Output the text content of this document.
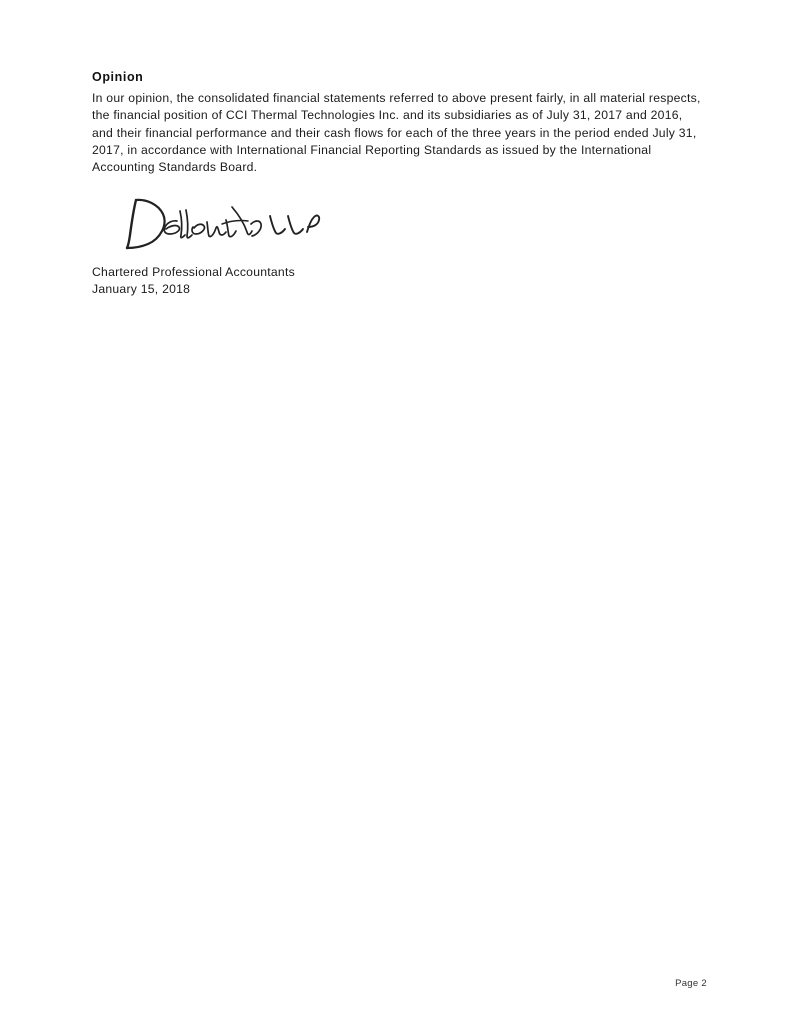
Opinion

In our opinion, the consolidated financial statements referred to above present fairly, in all material respects, the financial position of CCI Thermal Technologies Inc. and its subsidiaries as of July 31, 2017 and 2016, and their financial performance and their cash flows for each of the three years in the period ended July 31, 2017, in accordance with International Financial Reporting Standards as issued by the International Accounting Standards Board.

Chartered Professional Accountants
January 15, 2018
Page 2
